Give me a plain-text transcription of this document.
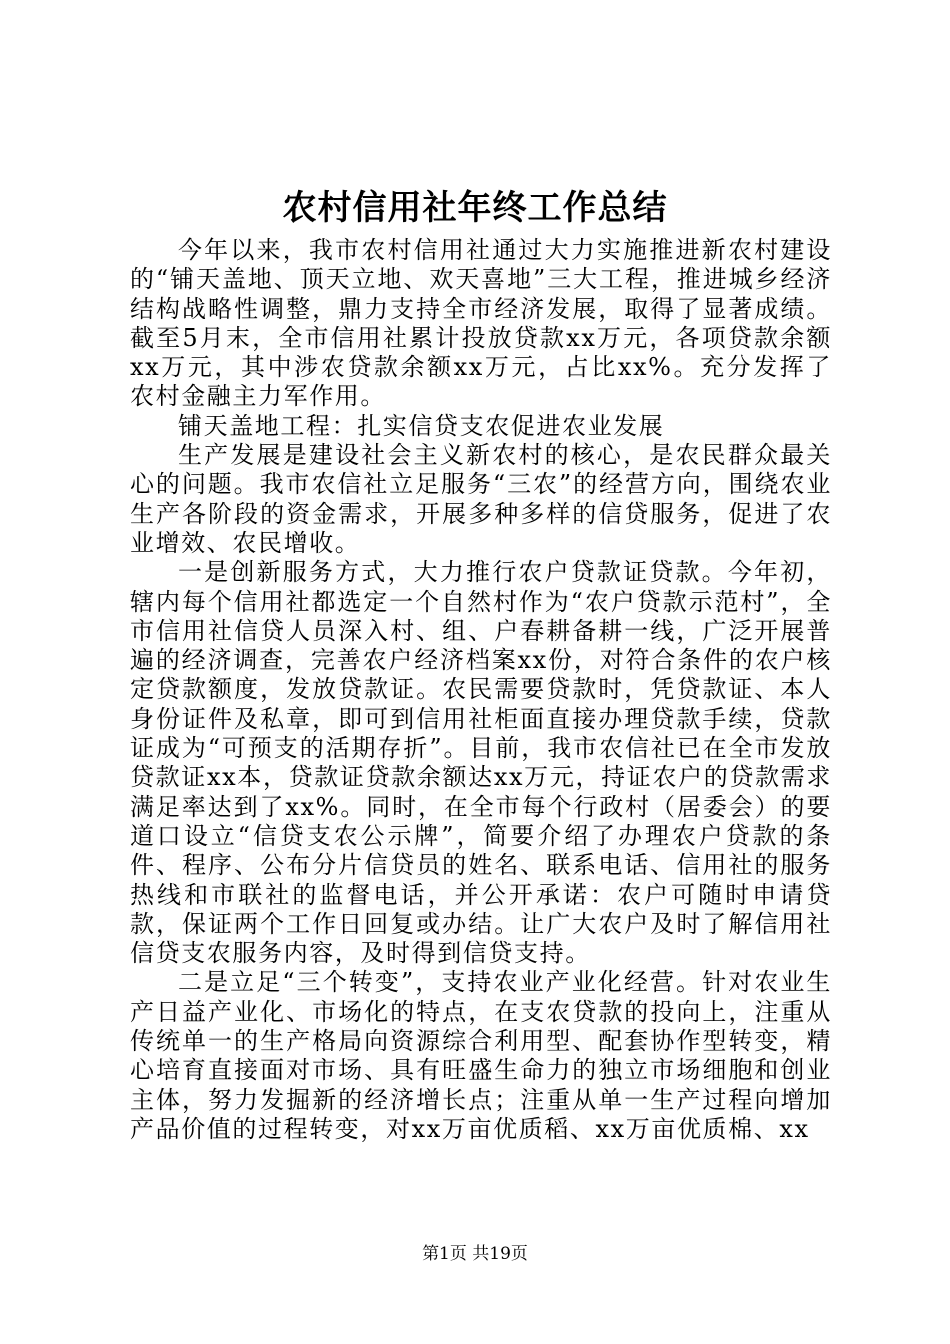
农村信用社年终工作总结

今年以来，我市农村信用社通过大力实施推进新农村建设的“铺天盖地、顶天立地、欢天喜地”三大工程，推进城乡经济结构战略性调整，鼎力支持全市经济发展，取得了显著成绩。截至5月末，全市信用社累计投放贷款xx万元，各项贷款余额xx万元，其中涉农贷款余额xx万元，占比xx%。充分发挥了农村金融主力军作用。

铺天盖地工程：扎实信贷支农促进农业发展

生产发展是建设社会主义新农村的核心，是农民群众最关心的问题。我市农信社立足服务“三农”的经营方向，围绕农业生产各阶段的资金需求，开展多种多样的信贷服务，促进了农业增效、农民增收。

一是创新服务方式，大力推行农户贷款证贷款。今年初，辖内每个信用社都选定一个自然村作为“农户贷款示范村”，全市信用社信贷人员深入村、组、户春耕备耕一线，广泛开展普遍的经济调查，完善农户经济档案xx份，对符合条件的农户核定贷款额度，发放贷款证。农民需要贷款时，凭贷款证、本人身份证件及私章，即可到信用社柜面直接办理贷款手续，贷款证成为“可预支的活期存折”。目前，我市农信社已在全市发放贷款证xx本，贷款证贷款余额达xx万元，持证农户的贷款需求满足率达到了xx%。同时，在全市每个行政村（居委会）的要道口设立“信贷支农公示牌”，简要介绍了办理农户贷款的条件、程序、公布分片信贷员的姓名、联系电话、信用社的服务热线和市联社的监督电话，并公开承诺：农户可随时申请贷款，保证两个工作日回复或办结。让广大农户及时了解信用社信贷支农服务内容，及时得到信贷支持。

二是立足“三个转变”，支持农业产业化经营。针对农业生产日益产业化、市场化的特点，在支农贷款的投向上，注重从传统单一的生产格局向资源综合利用型、配套协作型转变，精心培育直接面对市场、具有旺盛生命力的独立市场细胞和创业主体，努力发掘新的经济增长点；注重从单一生产过程向增加产品价值的过程转变，对xx万亩优质稻、xx万亩优质棉、xx

第1页 共19页
